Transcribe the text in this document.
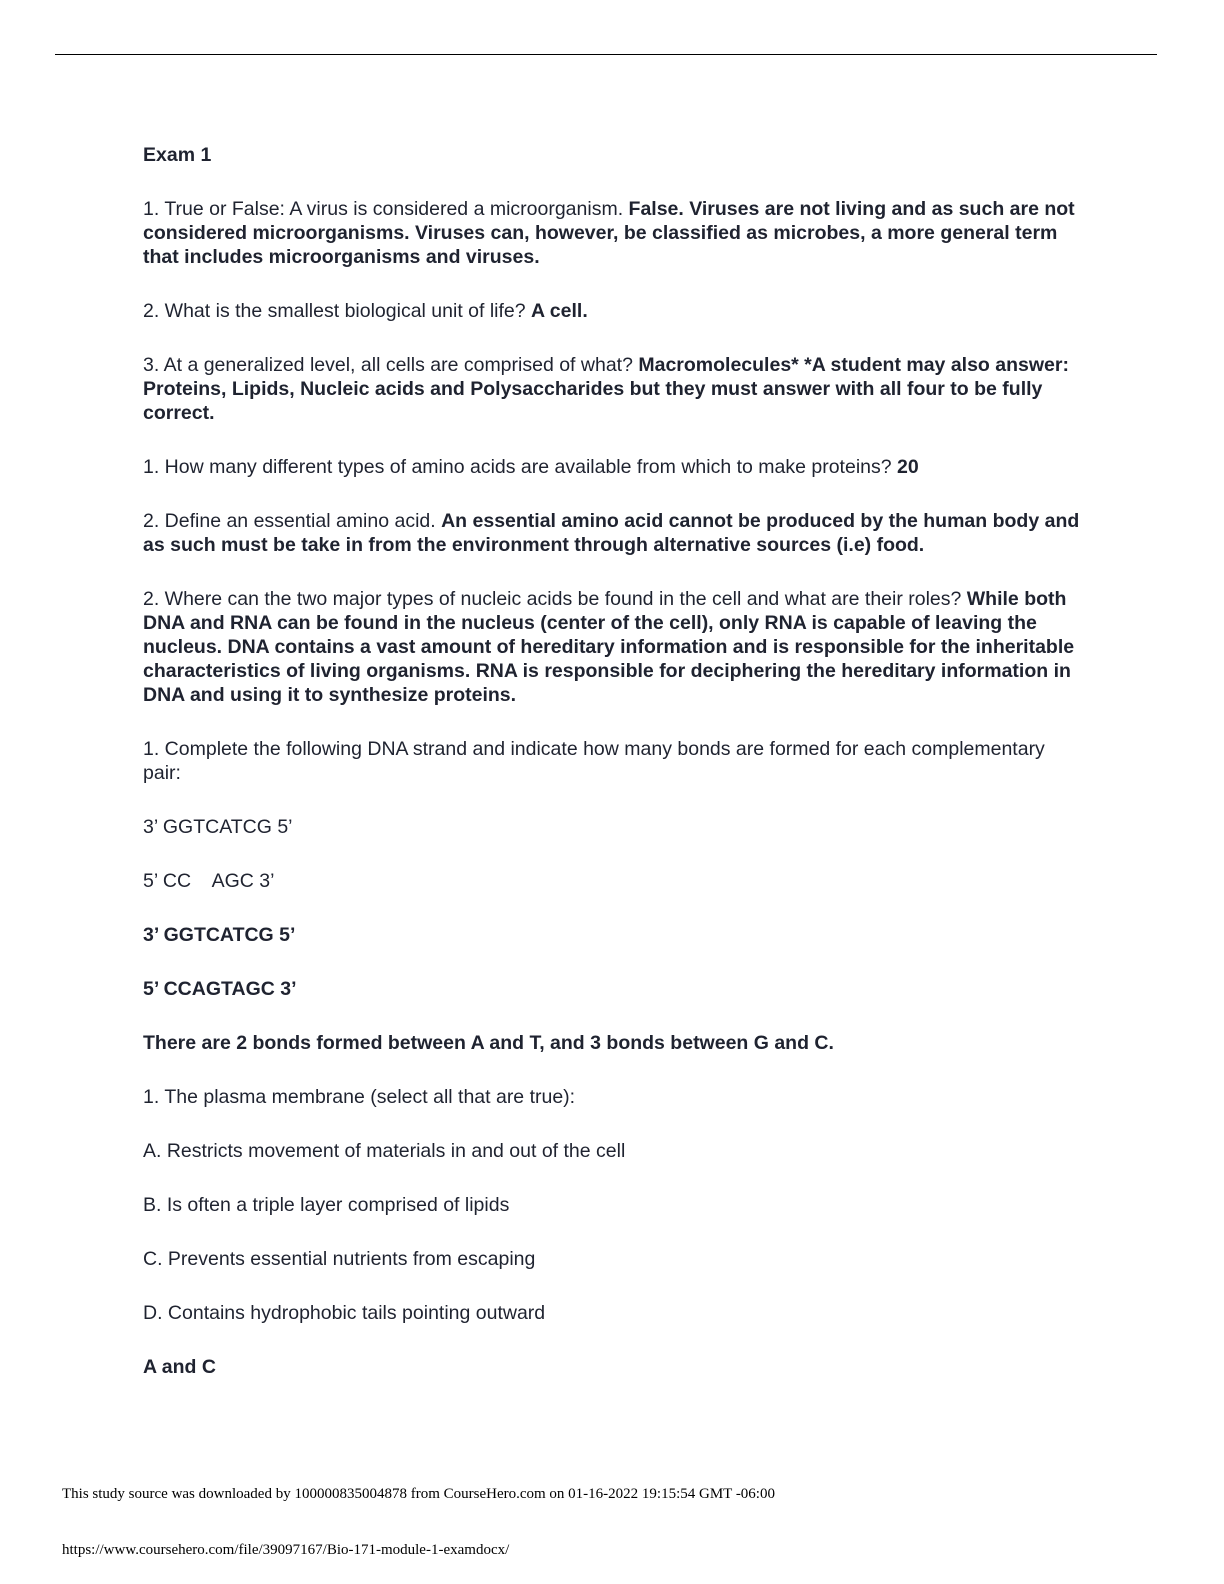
Exam 1

1. True or False: A virus is considered a microorganism. False. Viruses are not living and as such are not considered microorganisms. Viruses can, however, be classified as microbes, a more general term that includes microorganisms and viruses.

2. What is the smallest biological unit of life? A cell.

3. At a generalized level, all cells are comprised of what? Macromolecules* *A student may also answer: Proteins, Lipids, Nucleic acids and Polysaccharides but they must answer with all four to be fully correct.

1. How many different types of amino acids are available from which to make proteins? 20

2. Define an essential amino acid. An essential amino acid cannot be produced by the human body and as such must be take in from the environment through alternative sources (i.e) food.

2. Where can the two major types of nucleic acids be found in the cell and what are their roles? While both DNA and RNA can be found in the nucleus (center of the cell), only RNA is capable of leaving the nucleus. DNA contains a vast amount of hereditary information and is responsible for the inheritable characteristics of living organisms. RNA is responsible for deciphering the hereditary information in DNA and using it to synthesize proteins.

1. Complete the following DNA strand and indicate how many bonds are formed for each complementary pair:

3’ GGTCATCG 5’

5’ CC    AGC 3’

3’ GGTCATCG 5’

5’ CCAGTAGC 3’

There are 2 bonds formed between A and T, and 3 bonds between G and C.

1. The plasma membrane (select all that are true):

A. Restricts movement of materials in and out of the cell

B. Is often a triple layer comprised of lipids

C. Prevents essential nutrients from escaping

D. Contains hydrophobic tails pointing outward

A and C

This study source was downloaded by 100000835004878 from CourseHero.com on 01-16-2022 19:15:54 GMT -06:00
https://www.coursehero.com/file/39097167/Bio-171-module-1-examdocx/
